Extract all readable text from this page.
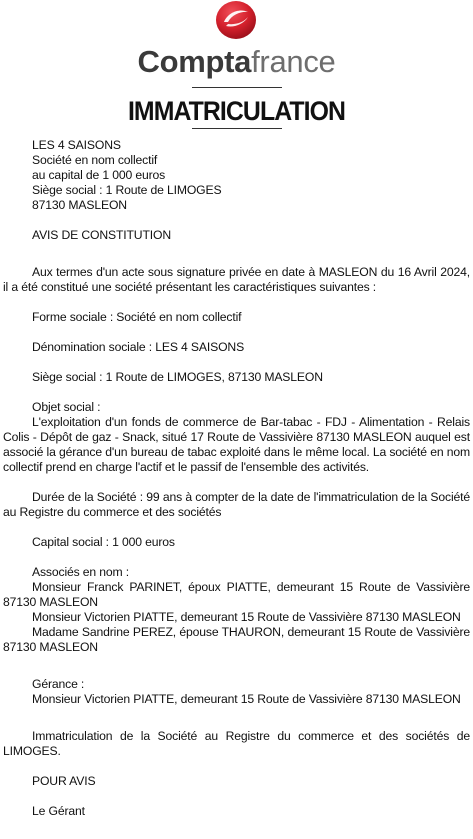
Comptafrance
IMMATRICULATION
LES 4 SAISONS
Société en nom collectif
au capital de 1 000 euros
Siège social : 1 Route de LIMOGES
87130 MASLEON
AVIS DE CONSTITUTION
Aux termes d'un acte sous signature privée en date à MASLEON du 16 Avril 2024, il a été constitué une société présentant les caractéristiques suivantes :
Forme sociale : Société en nom collectif
Dénomination sociale : LES 4 SAISONS
Siège social : 1 Route de LIMOGES, 87130 MASLEON
Objet social :
L'exploitation d'un fonds de commerce de Bar-tabac - FDJ - Alimentation - Relais Colis - Dépôt de gaz - Snack, situé 17 Route de Vassivière 87130 MASLEON auquel est associé la gérance d'un bureau de tabac exploité dans le même local. La société en nom collectif prend en charge l'actif et le passif de l'ensemble des activités.
Durée de la Société : 99 ans à compter de la date de l'immatriculation de la Société au Registre du commerce et des sociétés
Capital social : 1 000 euros
Associés en nom :
Monsieur Franck PARINET, époux PIATTE, demeurant 15 Route de Vassivière 87130 MASLEON
Monsieur Victorien PIATTE, demeurant 15 Route de Vassivière 87130 MASLEON
Madame Sandrine PEREZ, épouse THAURON, demeurant 15 Route de Vassivière 87130 MASLEON
Gérance :
Monsieur Victorien PIATTE, demeurant 15 Route de Vassivière 87130 MASLEON
Immatriculation de la Société au Registre du commerce et des sociétés de LIMOGES.
POUR AVIS
Le Gérant
